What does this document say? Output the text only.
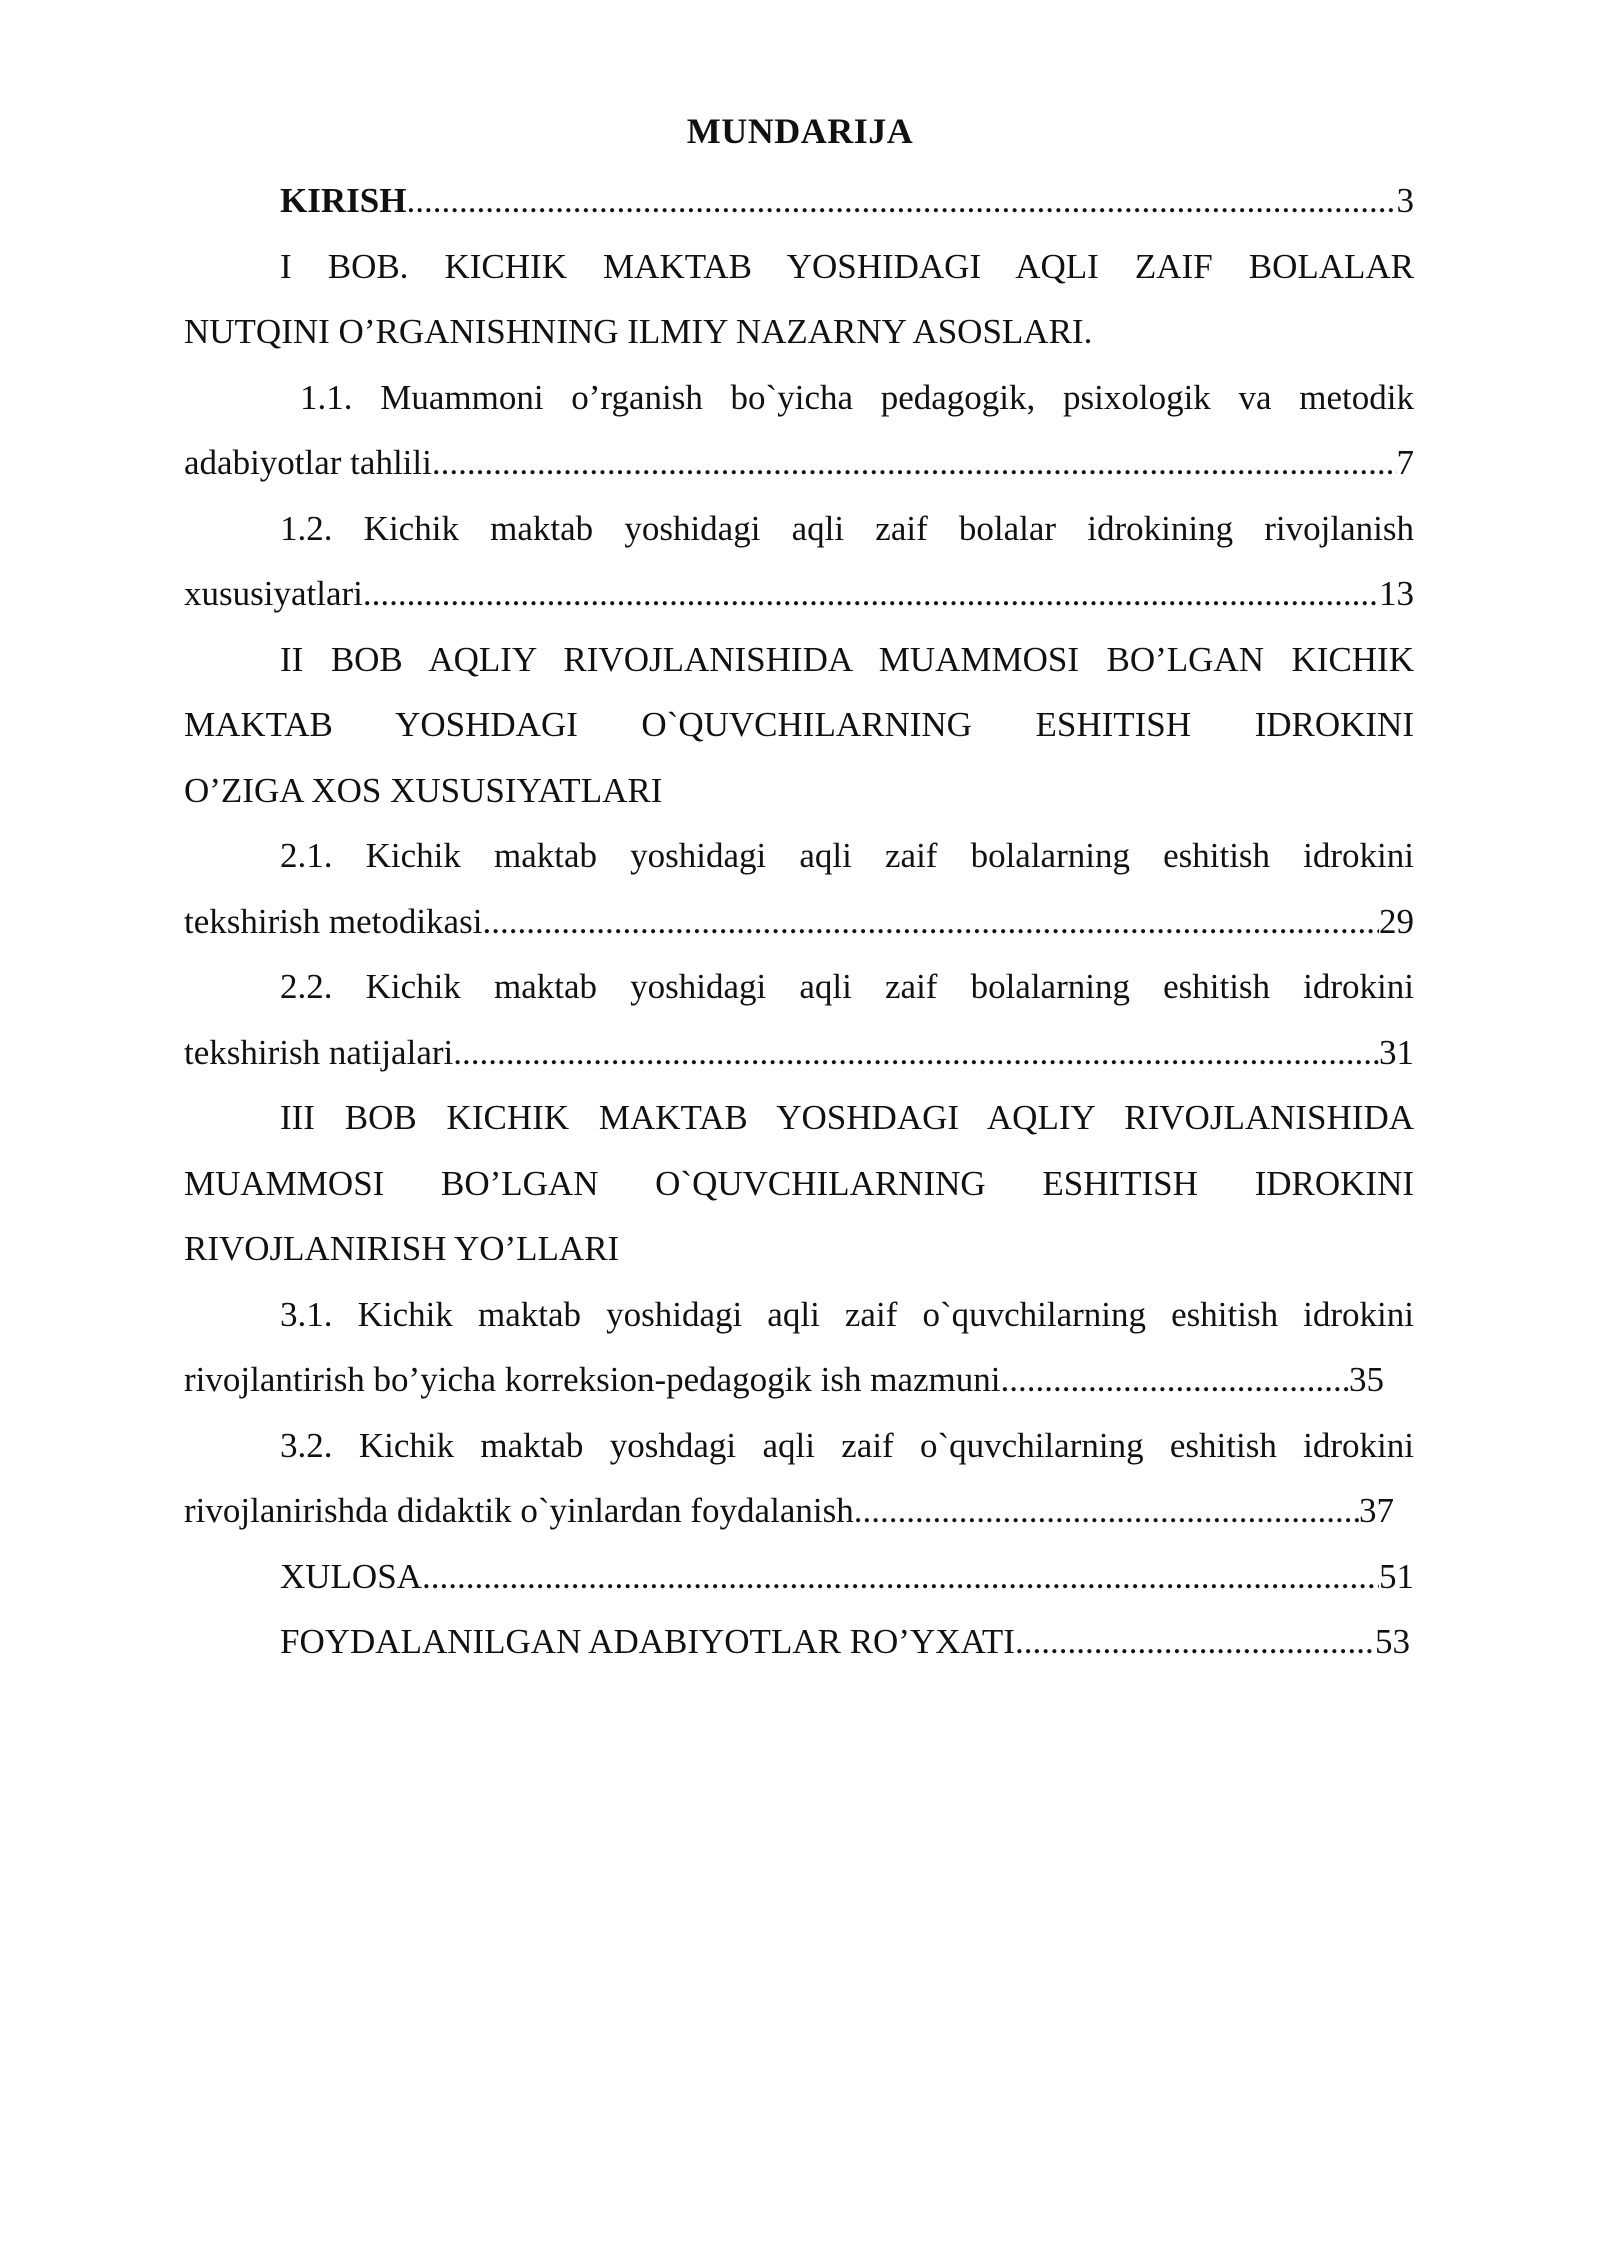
MUNDARIJA
KIRISH .....	3
I BOB. KICHIK MAKTAB YOSHIDAGI AQLI ZAIF BOLALAR
NUTQINI O’RGANISHNING ILMIY NAZARNY ASOSLARI.
1.1. Muammoni o’rganish bo`yicha pedagogik, psixologik va metodik
adabiyotlar tahlili .....	7
1.2. Kichik maktab yoshidagi aqli zaif bolalar idrokining rivojlanish
xususiyatlari .....	13
II BOB AQLIY RIVOJLANISHIDA MUAMMOSI BO’LGAN KICHIK
MAKTAB YOSHDAGI O`QUVCHILARNING ESHITISH IDROKINI
O’ZIGA XOS XUSUSIYATLARI
2.1. Kichik maktab yoshidagi aqli zaif bolalarning eshitish idrokini
tekshirish metodikasi .....	29
2.2. Kichik maktab yoshidagi aqli zaif bolalarning eshitish idrokini
tekshirish natijalari .....	31
III BOB KICHIK MAKTAB YOSHDAGI AQLIY RIVOJLANISHIDA
MUAMMOSI BO’LGAN O`QUVCHILARNING ESHITISH IDROKINI
RIVOJLANIRISH YO’LLARI
3.1. Kichik maktab yoshidagi aqli zaif o`quvchilarning eshitish idrokini
rivojlantirish bo’yicha korreksion-pedagogik ish mazmuni .....	35
3.2. Kichik maktab yoshdagi aqli zaif o`quvchilarning eshitish idrokini
rivojlanirishda didaktik o`yinlardan foydalanish. .....	37
XULOSA .....	51
FOYDALANILGAN ADABIYOTLAR RO’YXATI .....	53
